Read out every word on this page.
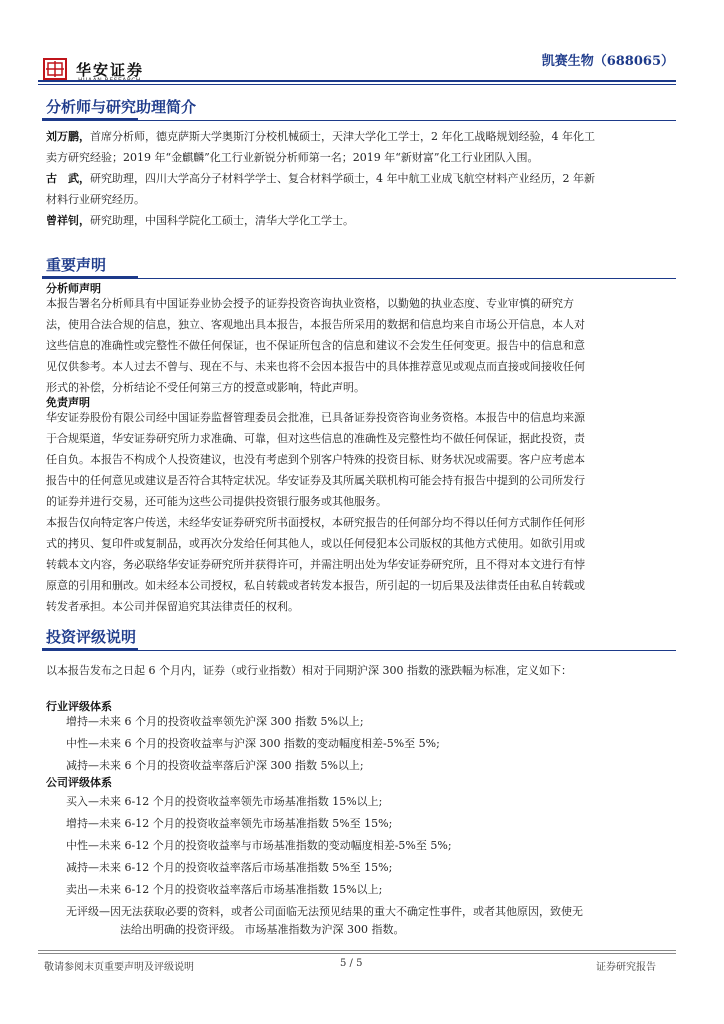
华安证券
HUAAN RESEARCH
凯赛生物（688065）
分析师与研究助理简介
刘万鹏，首席分析师，德克萨斯大学奥斯汀分校机械硕士，天津大学化工学士，2 年化工战略规划经验，4 年化工
卖方研究经验；2019 年“金麒麟”化工行业新锐分析师第一名；2019 年“新财富”化工行业团队入围。
古　武，研究助理，四川大学高分子材料学学士、复合材料学硕士，4 年中航工业成飞航空材料产业经历，2 年新
材料行业研究经历。
曾祥钊，研究助理，中国科学院化工硕士，清华大学化工学士。
重要声明
分析师声明
本报告署名分析师具有中国证券业协会授予的证券投资咨询执业资格，以勤勉的执业态度、专业审慎的研究方
法，使用合法合规的信息，独立、客观地出具本报告，本报告所采用的数据和信息均来自市场公开信息，本人对
这些信息的准确性或完整性不做任何保证，也不保证所包含的信息和建议不会发生任何变更。报告中的信息和意
见仅供参考。本人过去不曾与、现在不与、未来也将不会因本报告中的具体推荐意见或观点而直接或间接收任何
形式的补偿，分析结论不受任何第三方的授意或影响，特此声明。
免责声明
华安证券股份有限公司经中国证券监督管理委员会批准，已具备证券投资咨询业务资格。本报告中的信息均来源
于合规渠道，华安证券研究所力求准确、可靠，但对这些信息的准确性及完整性均不做任何保证，据此投资，责
任自负。本报告不构成个人投资建议，也没有考虑到个别客户特殊的投资目标、财务状况或需要。客户应考虑本
报告中的任何意见或建议是否符合其特定状况。华安证券及其所属关联机构可能会持有报告中提到的公司所发行
的证券并进行交易，还可能为这些公司提供投资银行服务或其他服务。
本报告仅向特定客户传送，未经华安证券研究所书面授权，本研究报告的任何部分均不得以任何方式制作任何形
式的拷贝、复印件或复制品，或再次分发给任何其他人，或以任何侵犯本公司版权的其他方式使用。如欲引用或
转载本文内容，务必联络华安证券研究所并获得许可，并需注明出处为华安证券研究所，且不得对本文进行有悖
原意的引用和删改。如未经本公司授权，私自转载或者转发本报告，所引起的一切后果及法律责任由私自转载或
转发者承担。本公司并保留追究其法律责任的权利。
投资评级说明
以本报告发布之日起 6 个月内，证券（或行业指数）相对于同期沪深 300 指数的涨跌幅为标准，定义如下：
行业评级体系
增持—未来 6 个月的投资收益率领先沪深 300 指数 5%以上;
中性—未来 6 个月的投资收益率与沪深 300 指数的变动幅度相差-5%至 5%;
减持—未来 6 个月的投资收益率落后沪深 300 指数 5%以上;
公司评级体系
买入—未来 6-12 个月的投资收益率领先市场基准指数 15%以上;
增持—未来 6-12 个月的投资收益率领先市场基准指数 5%至 15%;
中性—未来 6-12 个月的投资收益率与市场基准指数的变动幅度相差-5%至 5%;
减持—未来 6-12 个月的投资收益率落后市场基准指数 5%至 15%;
卖出—未来 6-12 个月的投资收益率落后市场基准指数 15%以上;
无评级—因无法获取必要的资料，或者公司面临无法预见结果的重大不确定性事件，或者其他原因，致使无
法给出明确的投资评级。 市场基准指数为沪深 300 指数。
敬请参阅末页重要声明及评级说明	5 / 5	证券研究报告
